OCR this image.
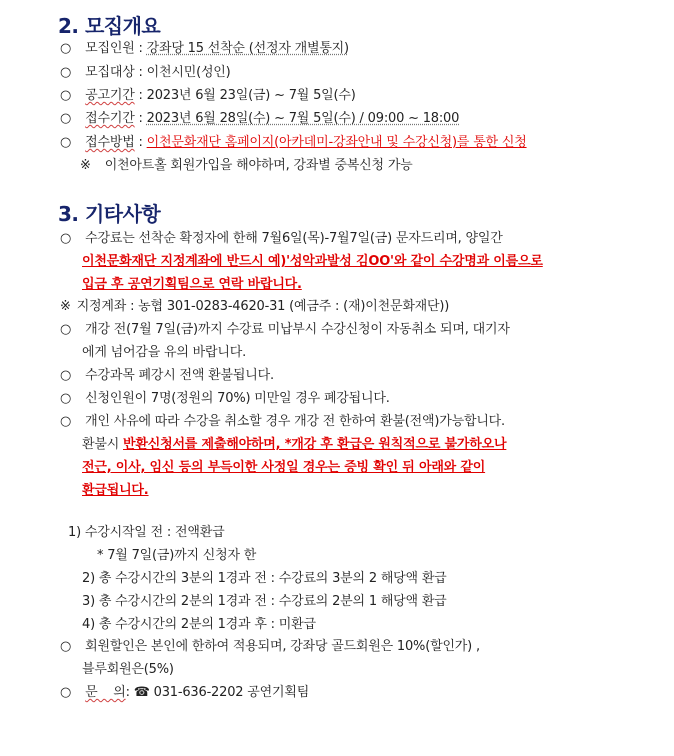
2. 모집개요
○ 모집인원 : 강좌당 15 선착순 (선정자 개별통지)
○ 모집대상 : 이천시민(성인)
○ 공고기간 : 2023년 6월 23일(금) ~ 7월 5일(수)
○ 접수기간 : 2023년 6월 28일(수) ~ 7월 5일(수) / 09:00 ~ 18:00
○ 접수방법 : 이천문화재단 홈페이지(아카데미-강좌안내 및 수강신청)를 통한 신청
※ 이천아트홀 회원가입을 해야하며, 강좌별 중복신청 가능
3. 기타사항
○ 수강료는 선착순 확정자에 한해 7월6일(목)-7월7일(금) 문자드리며, 양일간
이천문화재단 지정계좌에 반드시 예)'성악과발성 김OO'와 같이 수강명과 이름으로
입금 후 공연기획팀으로 연락 바랍니다.
※ 지정계좌 : 농협 301-0283-4620-31 (예금주 : (재)이천문화재단))
○ 개강 전(7월 7일(금)까지 수강료 미납부시 수강신청이 자동취소 되며, 대기자
에게 넘어감을 유의 바랍니다.
○ 수강과목 폐강시 전액 환불됩니다.
○ 신청인원이 7명(정원의 70%) 미만일 경우 폐강됩니다.
○ 개인 사유에 따라 수강을 취소할 경우 개강 전 한하여 환불(전액)가능합니다.
환불시 반환신청서를 제출해야하며, *개강 후 환급은 원칙적으로 불가하오나
전근, 이사, 임신 등의 부득이한 사정일 경우는 증빙 확인 뒤 아래와 같이
환급됩니다.
1) 수강시작일 전 : 전액환급
* 7월 7일(금)까지 신청자 한
2) 총 수강시간의 3분의 1경과 전 : 수강료의 3분의 2 해당액 환급
3) 총 수강시간의 2분의 1경과 전 : 수강료의 2분의 1 해당액 환급
4) 총 수강시간의 2분의 1경과 후 : 미환급
○ 회원할인은 본인에 한하여 적용되며, 강좌당 골드회원은 10%(할인가) ,
블루회원은(5%)
○ 문    의: ☎ 031-636-2202 공연기획팀
